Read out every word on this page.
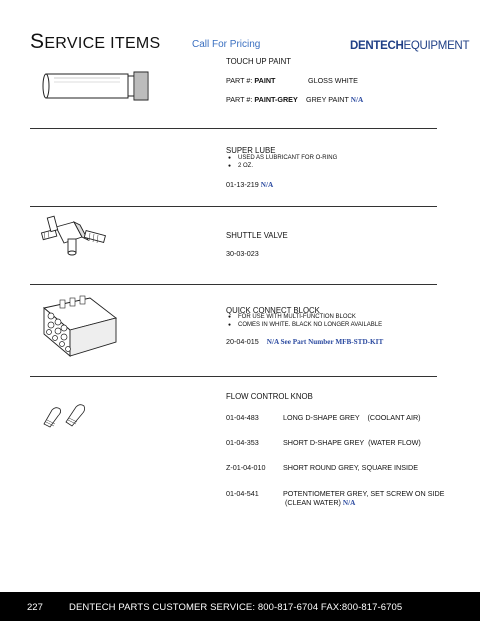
SERVICE ITEMS	Call For Pricing	DENTECHEQUIPMENT
TOUCH UP PAINT
PART #: PAINT	GLOSS WHITE
PART #: PAINT-GREY GREY PAINT N/A
SUPER LUBE
● USED AS LUBRICANT FOR O-RING
● 2 OZ.
01-13-219 N/A
SHUTTLE VALVE
30-03-023
QUICK CONNECT BLOCK
● FOR USE WITH MULTI-FUNCTION BLOCK
● COMES IN WHITE. BLACK NO LONGER AVAILABLE
20-04-015 N/A See Part Number MFB-STD-KIT
FLOW CONTROL KNOB
01-04-483	LONG D-SHAPE GREY    (COOLANT AIR)
01-04-353	SHORT D-SHAPE GREY  (WATER FLOW)
Z-01-04-010 SHORT ROUND GREY, SQUARE INSIDE
01-04-541	POTENTIOMETER GREY, SET SCREW ON SIDE
(CLEAN WATER) N/A
227	DENTECH PARTS CUSTOMER SERVICE: 800-817-6704 FAX:800-817-6705
